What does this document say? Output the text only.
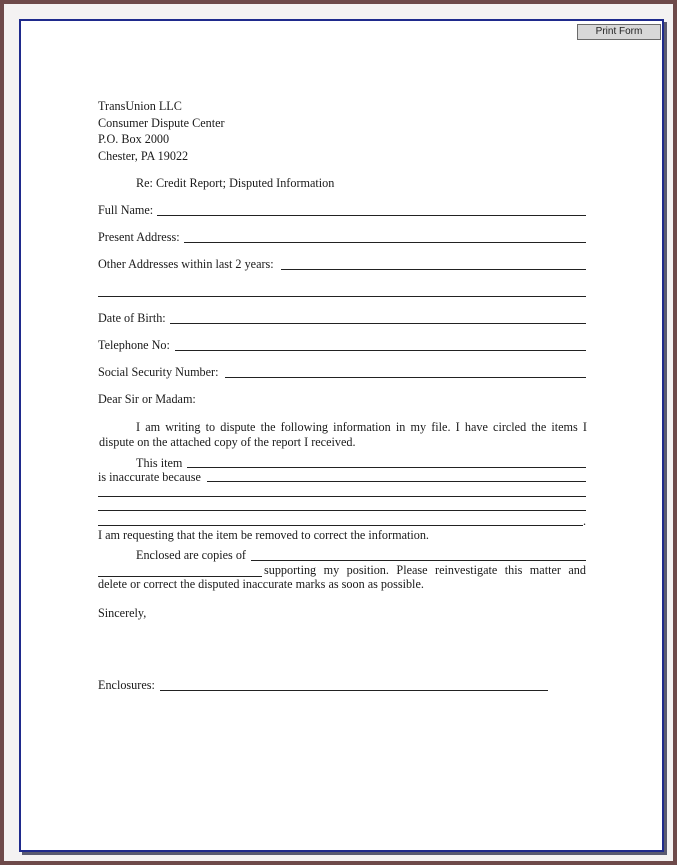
Print Form
TransUnion LLC
Consumer Dispute Center
P.O. Box 2000
Chester, PA 19022
Re: Credit Report; Disputed Information
Full Name:
Present Address:
Other Addresses within last 2 years:
Date of Birth:
Telephone No:
Social Security Number:
Dear Sir or Madam:
I am writing to dispute the following information in my file. I have circled the items I dispute on the attached copy of the report I received.
This item
is inaccurate because
.
I am requesting that the item be removed to correct the information.
Enclosed are copies of
supporting my position. Please reinvestigate this matter and
delete or correct the disputed inaccurate marks as soon as possible.
Sincerely,
Enclosures:
